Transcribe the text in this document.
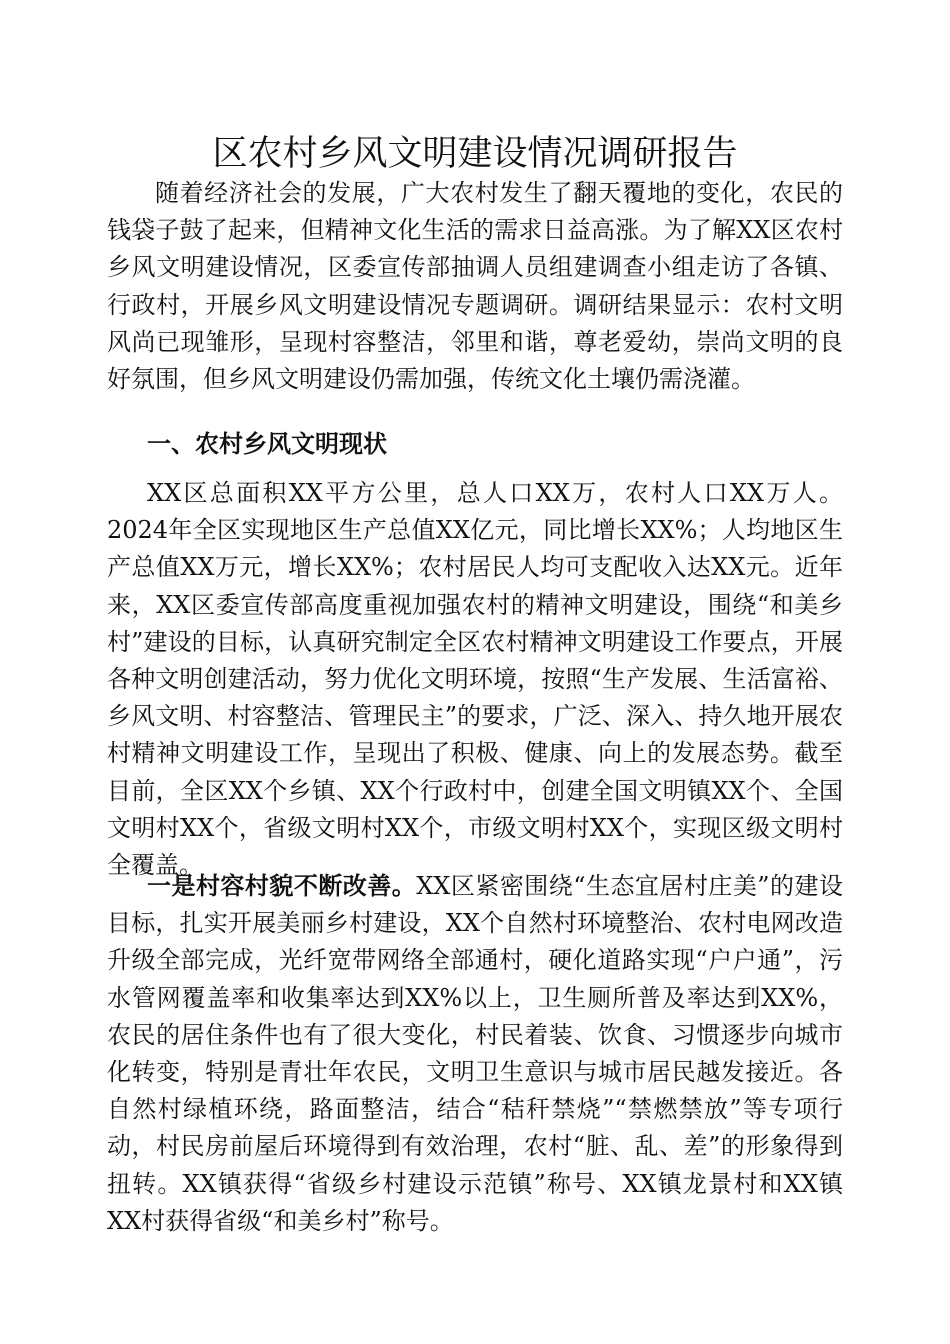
区农村乡风文明建设情况调研报告

随着经济社会的发展，广大农村发生了翻天覆地的变化，农民的钱袋子鼓了起来，但精神文化生活的需求日益高涨。为了解XX区农村乡风文明建设情况，区委宣传部抽调人员组建调查小组走访了各镇、行政村，开展乡风文明建设情况专题调研。调研结果显示：农村文明风尚已现雏形，呈现村容整洁，邻里和谐，尊老爱幼，崇尚文明的良好氛围，但乡风文明建设仍需加强，传统文化土壤仍需浇灌。

一、农村乡风文明现状

XX区总面积XX平方公里，总人口XX万，农村人口XX万人。2024年全区实现地区生产总值XX亿元，同比增长XX%；人均地区生产总值XX万元，增长XX%；农村居民人均可支配收入达XX元。近年来，XX区委宣传部高度重视加强农村的精神文明建设，围绕“和美乡村”建设的目标，认真研究制定全区农村精神文明建设工作要点，开展各种文明创建活动，努力优化文明环境，按照“生产发展、生活富裕、乡风文明、村容整洁、管理民主”的要求，广泛、深入、持久地开展农村精神文明建设工作，呈现出了积极、健康、向上的发展态势。截至目前，全区XX个乡镇、XX个行政村中，创建全国文明镇XX个、全国文明村XX个，省级文明村XX个，市级文明村XX个，实现区级文明村全覆盖。

一是村容村貌不断改善。XX区紧密围绕“生态宜居村庄美”的建设目标，扎实开展美丽乡村建设，XX个自然村环境整治、农村电网改造升级全部完成，光纤宽带网络全部通村，硬化道路实现“户户通”，污水管网覆盖率和收集率达到XX%以上，卫生厕所普及率达到XX%，农民的居住条件也有了很大变化，村民着装、饮食、习惯逐步向城市化转变，特别是青壮年农民，文明卫生意识与城市居民越发接近。各自然村绿植环绕，路面整洁，结合“秸秆禁烧”“禁燃禁放”等专项行动，村民房前屋后环境得到有效治理，农村“脏、乱、差”的形象得到扭转。XX镇获得“省级乡村建设示范镇”称号、XX镇龙景村和XX镇XX村获得省级“和美乡村”称号。
